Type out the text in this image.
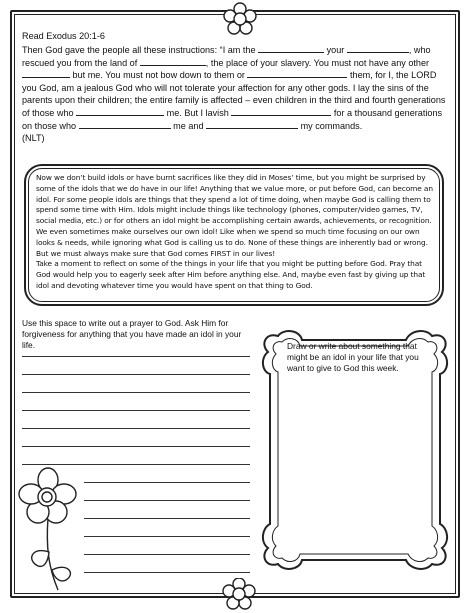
Read Exodus 20:1-6
Then God gave the people all these instructions: “I am the	your	, who rescued you from the land of	, the place of your slavery. You must not have any other  but me. You must not bow down to them or	them, for I, the LORD you God, am a jealous God who will not tolerate your affection for any other gods. I lay the sins of the parents upon their children; the entire family is affected – even children in the third and fourth generations of those who	me. But I lavish	for a thousand generations on those who	me and	my commands.
(NLT)
Now we don’t build idols or have burnt sacrifices like they did in Moses’ time, but you might be surprised by some of the idols that we do have in our life! Anything that we value more, or put before God, can become an idol. For some people idols are things that they spend a lot of time doing, when maybe God is calling them to spend some time with Him. Idols might include things like technology (phones, computer/video games, TV, social media, etc.) or for others an idol might be accomplishing certain awards, achievements, or recognition. We even sometimes make ourselves our own idol! Like when we spend so much time focusing on our own looks & needs, while ignoring what God is calling us to do. None of these things are inherently bad or wrong. But we must always make sure that God comes FIRST in our lives!
Take a moment to reflect on some of the things in your life that you might be putting before God. Pray that God would help you to eagerly seek after Him before anything else. And, maybe even fast by giving up that idol and devoting whatever time you would have spent on that thing to God.
Use this space to write out a prayer to God. Ask Him for forgiveness for anything that you have made an idol in your life.	Draw or write about something that might be an idol in your life that you want to give to God this week.
